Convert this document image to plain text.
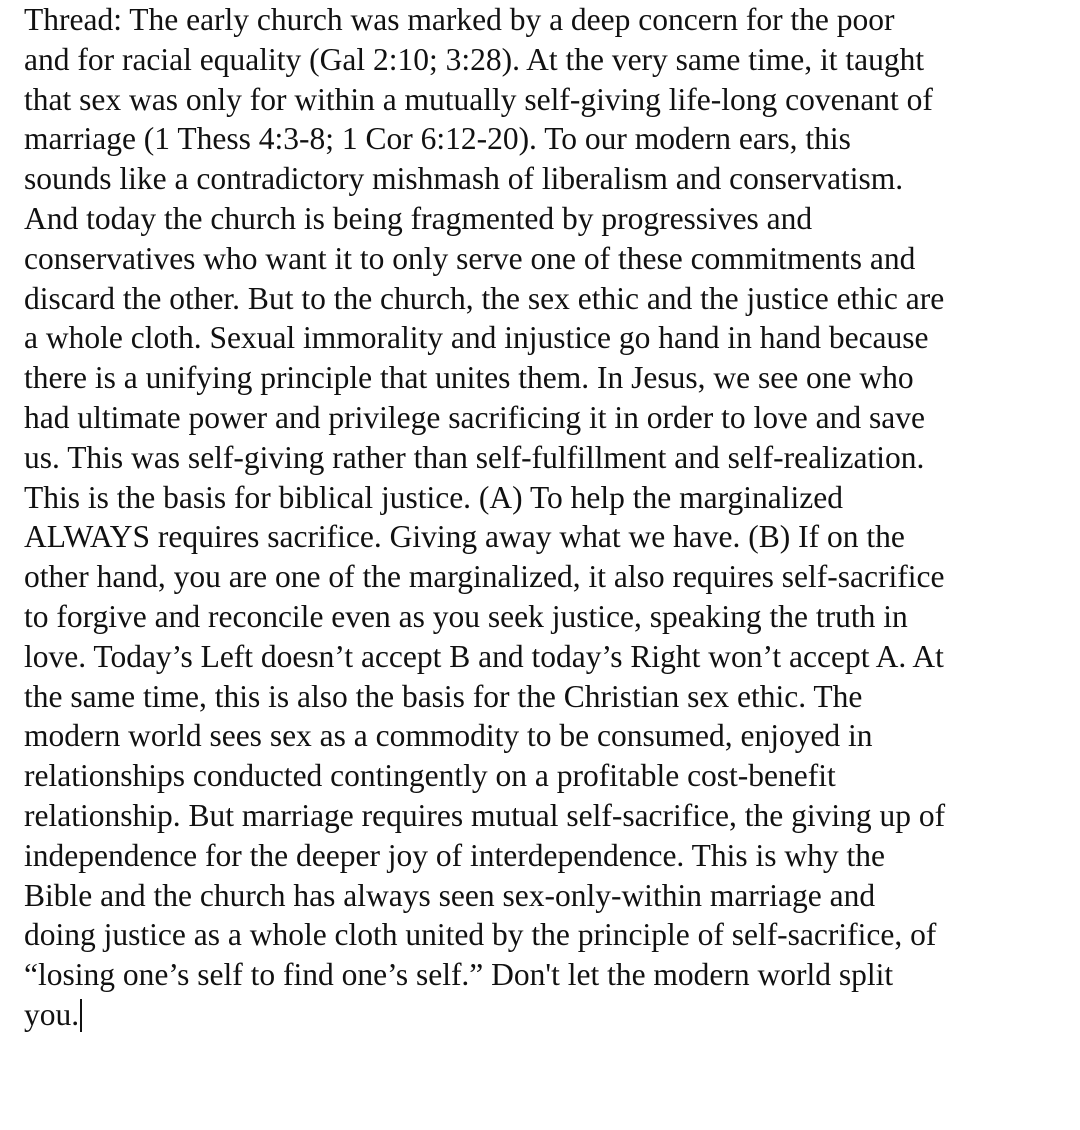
Thread: The early church was marked by a deep concern for the poor
and for racial equality (Gal 2:10; 3:28). At the very same time, it taught
that sex was only for within a mutually self-giving life-long covenant of
marriage (1 Thess 4:3-8; 1 Cor 6:12-20). To our modern ears, this
sounds like a contradictory mishmash of liberalism and conservatism.
And today the church is being fragmented by progressives and
conservatives who want it to only serve one of these commitments and
discard the other. But to the church, the sex ethic and the justice ethic are
a whole cloth. Sexual immorality and injustice go hand in hand because
there is a unifying principle that unites them. In Jesus, we see one who
had ultimate power and privilege sacrificing it in order to love and save
us. This was self-giving rather than self-fulfillment and self-realization.
This is the basis for biblical justice. (A) To help the marginalized
ALWAYS requires sacrifice. Giving away what we have. (B) If on the
other hand, you are one of the marginalized, it also requires self-sacrifice
to forgive and reconcile even as you seek justice, speaking the truth in
love. Today’s Left doesn’t accept B and today’s Right won’t accept A. At
the same time, this is also the basis for the Christian sex ethic. The
modern world sees sex as a commodity to be consumed, enjoyed in
relationships conducted contingently on a profitable cost-benefit
relationship. But marriage requires mutual self-sacrifice, the giving up of
independence for the deeper joy of interdependence. This is why the
Bible and the church has always seen sex-only-within marriage and
doing justice as a whole cloth united by the principle of self-sacrifice, of
“losing one’s self to find one’s self.” Don't let the modern world split
you.
